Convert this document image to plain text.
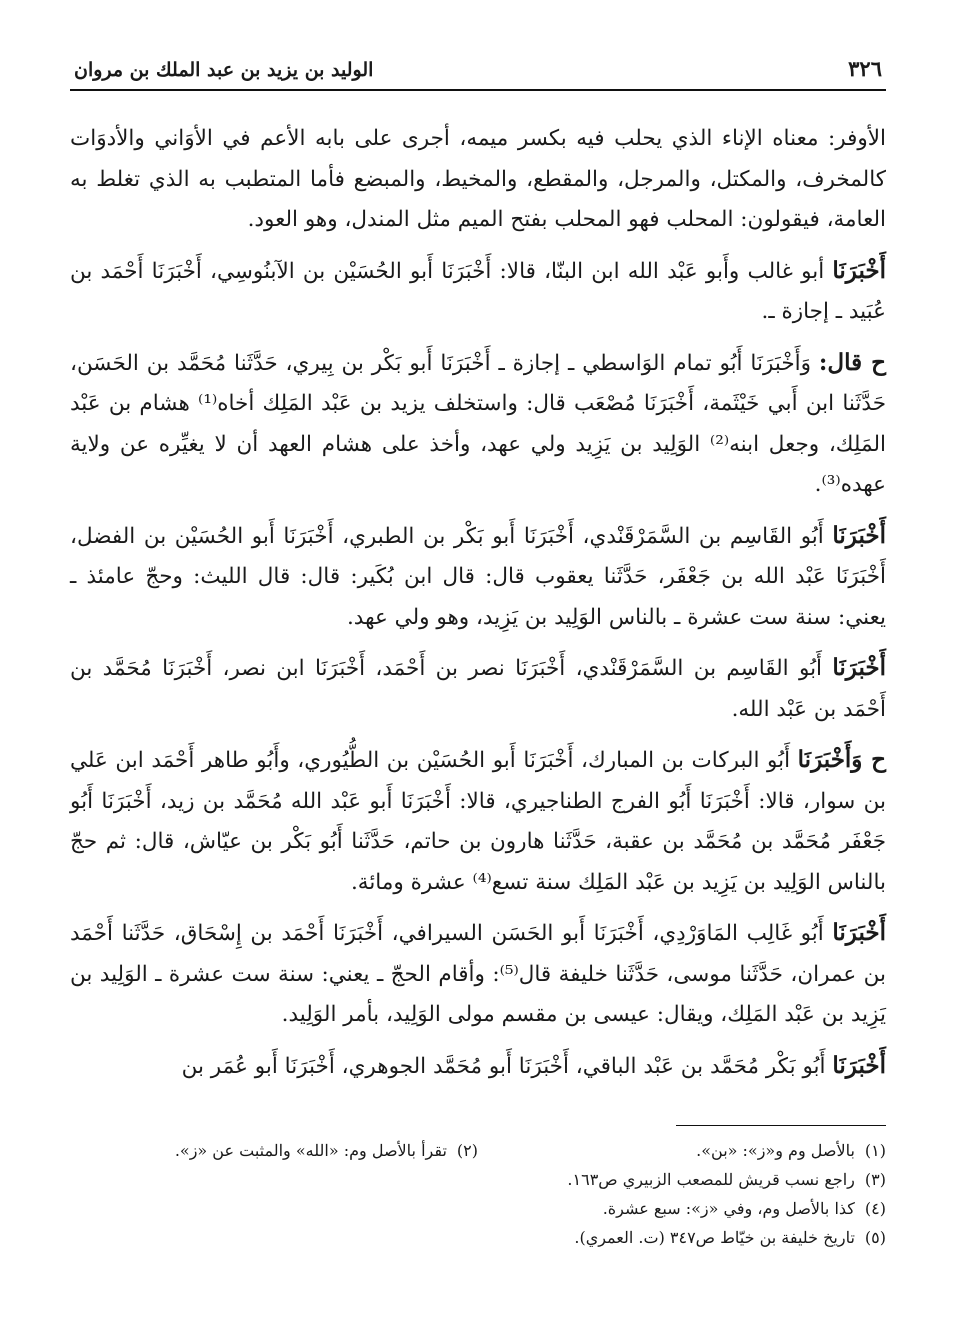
٣٢٦
الوليد بن يزيد بن عبد الملك بن مروان

الأوفر: معناه الإناء الذي يحلب فيه بكسر ميمه، أجرى على بابه الأعم في الأوَاني والأدوَات كالمخرف، والمكتل، والمرجل، والمقطع، والمخيط، والمبضع فأما المتطبب به الذي تغلط به العامة، فيقولون: المحلب فهو المحلب بفتح الميم مثل المندل، وهو العود.

أَخْبَرَنَا أبو غالب وأَبو عَبْد الله ابن البنّا، قالا: أَخْبَرَنَا أَبو الحُسَيْن بن الآبنُوسِي، أَخْبَرَنَا أَحْمَد بن عُبَيد ـ إجازة ـ.

ح قال: وَأَخْبَرَنَا أَبُو تمام الوَاسطي ـ إجازة ـ أَخْبَرَنَا أَبو بَكْر بن بِيري، حَدَّثَنا مُحَمَّد بن الحَسَن، حَدَّثَنا ابن أَبي خَيْثَمة، أَخْبَرَنَا مُصْعَب قال: واستخلف يزيد بن عَبْد المَلِك أخاه⁽¹⁾ هشام بن عَبْد المَلِك، وجعل ابنه⁽²⁾ الوَلِيد بن يَزِيد ولي عهد، وأخذ على هشام العهد أن لا يغيِّره عن ولاية عهده⁽³⁾.

أَخْبَرَنَا أَبُو القَاسِم بن السَّمَرْقَنْدي، أَخْبَرَنَا أَبو بَكْر بن الطبري، أَخْبَرَنَا أَبو الحُسَيْن بن الفضل، أَخْبَرَنَا عَبْد الله بن جَعْفَر، حَدَّثَنا يعقوب قال: قال ابن بُكَير: قال: قال الليث: وحجّ عامئذ ـ يعني: سنة ست عشرة ـ بالناس الوَلِيد بن يَزِيد، وهو ولي عهد.

أَخْبَرَنَا أَبُو القَاسِم بن السَّمَرْقَنْدي، أَخْبَرَنَا نصر بن أَحْمَد، أَخْبَرَنَا ابن نصر، أَخْبَرَنَا مُحَمَّد بن أَحْمَد بن عَبْد الله.

ح وَأَخْبَرَنَا أَبُو البركات بن المبارك، أَخْبَرَنَا أَبو الحُسَيْن بن الطُّيُوري، وأَبُو طاهر أَحْمَد ابن عَلي بن سوار، قالا: أَخْبَرَنَا أَبُو الفرج الطناجيري، قالا: أَخْبَرَنَا أَبو عَبْد الله مُحَمَّد بن زيد، أَخْبَرَنَا أَبُو جَعْفَر مُحَمَّد بن مُحَمَّد بن عقبة، حَدَّثَنا هارون بن حاتم، حَدَّثَنا أَبُو بَكْر بن عيّاش، قال: ثم حجّ بالناس الوَلِيد بن يَزِيد بن عَبْد المَلِك سنة تسع⁽⁴⁾ عشرة ومائة.

أَخْبَرَنَا أَبُو غَالِب المَاوَرْدِي، أَخْبَرَنَا أَبو الحَسَن السيرافي، أَخْبَرَنَا أَحْمَد بن إِسْحَاق، حَدَّثَنا أَحْمَد بن عمران، حَدَّثَنا موسى، حَدَّثَنا خليفة قال⁽⁵⁾: وأقام الحجّ ـ يعني: سنة ست عشرة ـ الوَلِيد بن يَزِيد بن عَبْد المَلِك، ويقال: عيسى بن مقسم مولى الوَلِيد، بأمر الوَلِيد.

أَخْبَرَنَا أَبُو بَكْر مُحَمَّد بن عَبْد الباقي، أَخْبَرَنَا أَبو مُحَمَّد الجوهري، أَخْبَرَنَا أَبو عُمَر بن

(١)بالأصل وم و«ز»: «بن».
(٢)تقرأ بالأصل وم: «الله» والمثبت عن «ز».
(٣)راجع نسب قريش للمصعب الزبيري ص١٦٣.
(٤)كذا بالأصل وم، وفي «ز»: سبع عشرة.
(٥)تاريخ خليفة بن خيّاط ص٣٤٧ (ت. العمري).
